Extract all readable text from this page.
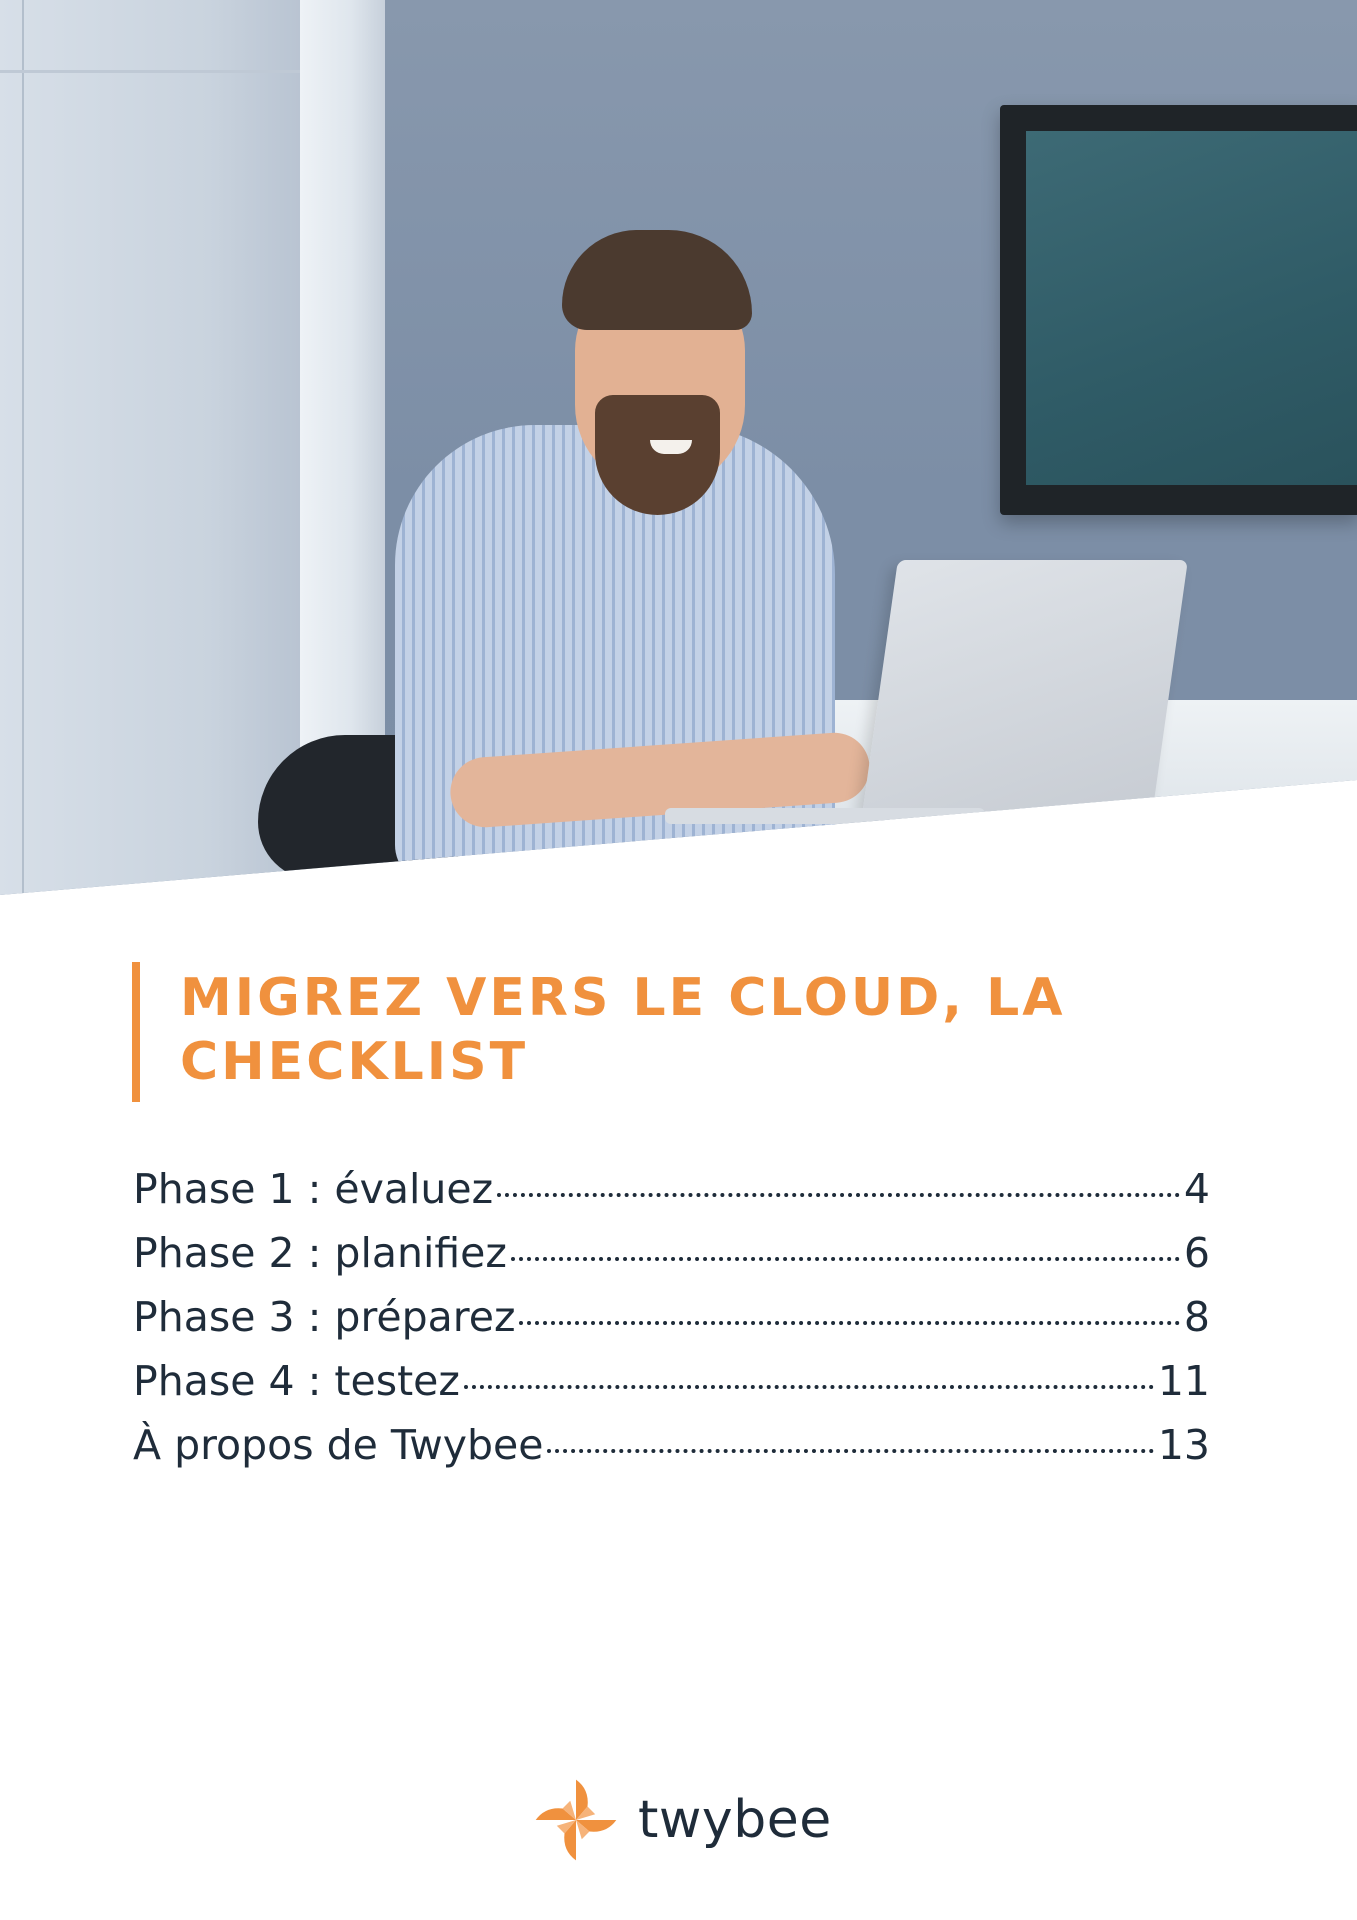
MIGREZ VERS LE CLOUD, LA CHECKLIST
Phase 1 : évaluez	4
Phase 2 : planifiez	6
Phase 3 : préparez	8
Phase 4 : testez	11
À propos de Twybee	13
twybee
